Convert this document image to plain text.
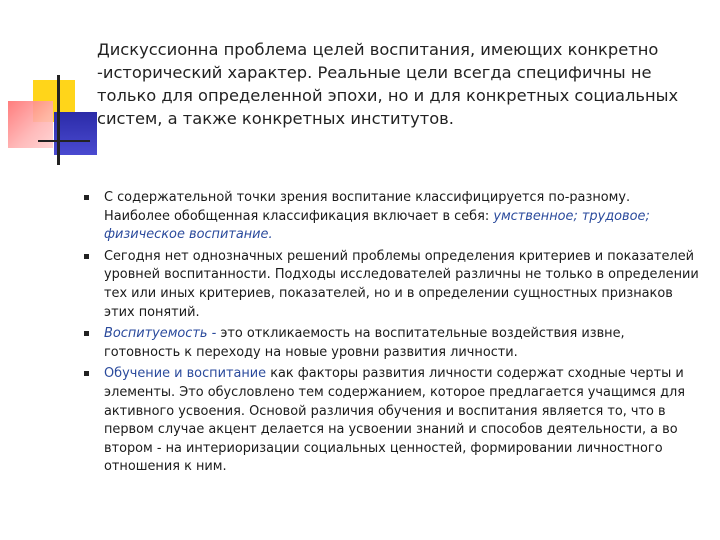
Дискуссионна проблема целей воспитания, имеющих конкретно -исторический характер. Реальные цели всегда специфичны не только для определенной эпохи, но и для конкретных социальных систем, а также конкретных институтов.
С содержательной точки зрения воспитание классифицируется по-разному. Наиболее обобщенная классификация включает в себя: умственное; трудовое; физическое воспитание.
Сегодня нет однозначных решений проблемы определения критериев и показателей уровней воспитанности. Подходы исследователей различны не только в определении тех или иных критериев, показателей, но и в определении сущностных признаков этих понятий.
Воспитуемость - это откликаемость на воспитательные воздействия извне, готовность к переходу на новые уровни развития личности.
Обучение и воспитание как факторы развития личности содержат сходные черты и элементы. Это обусловлено тем содержанием, которое предлагается учащимся для активного усвоения. Основой различия обучения и воспитания является то, что в первом случае акцент делается на усвоении знаний и способов деятельности, а во втором - на интериоризации социальных ценностей, формировании личностного отношения к ним.
